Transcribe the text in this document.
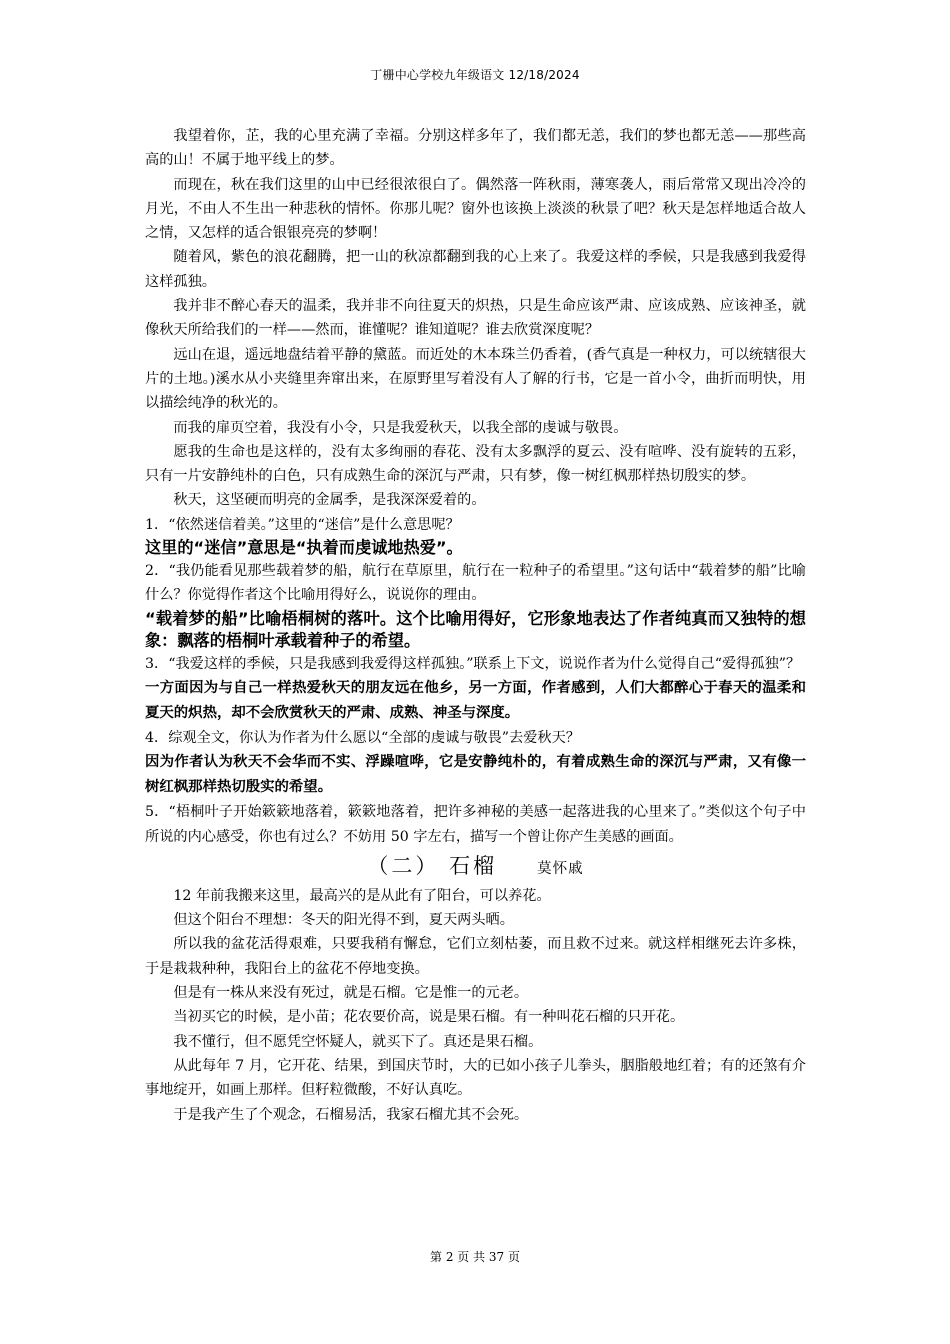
丁栅中心学校九年级语文 12/18/2024

我望着你，芷，我的心里充满了幸福。分别这样多年了，我们都无恙，我们的梦也都无恙——那些高高的山！不属于地平线上的梦。

而现在，秋在我们这里的山中已经很浓很白了。偶然落一阵秋雨，薄寒袭人，雨后常常又现出冷冷的月光，不由人不生出一种悲秋的情怀。你那儿呢？窗外也该换上淡淡的秋景了吧？秋天是怎样地适合故人之情，又怎样的适合银银亮亮的梦啊！

随着风，紫色的浪花翻腾，把一山的秋凉都翻到我的心上来了。我爱这样的季候，只是我感到我爱得这样孤独。

我并非不醉心春天的温柔，我并非不向往夏天的炽热，只是生命应该严肃、应该成熟、应该神圣，就像秋天所给我们的一样——然而，谁懂呢？谁知道呢？谁去欣赏深度呢？

远山在退，遥远地盘结着平静的黛蓝。而近处的木本珠兰仍香着，(香气真是一种权力，可以统辖很大片的土地。)溪水从小夹缝里奔窜出来，在原野里写着没有人了解的行书，它是一首小令，曲折而明快，用以描绘纯净的秋光的。

而我的扉页空着，我没有小令，只是我爱秋天，以我全部的虔诚与敬畏。

愿我的生命也是这样的，没有太多绚丽的春花、没有太多飘浮的夏云、没有喧哗、没有旋转的五彩，只有一片安静纯朴的白色，只有成熟生命的深沉与严肃，只有梦，像一树红枫那样热切殷实的梦。

秋天，这坚硬而明亮的金属季，是我深深爱着的。

1．“依然迷信着美。”这里的“迷信”是什么意思呢？

这里的“迷信”意思是“执着而虔诚地热爱”。

2．“我仍能看见那些载着梦的船，航行在草原里，航行在一粒种子的希望里。”这句话中“载着梦的船”比喻什么？你觉得作者这个比喻用得好么，说说你的理由。

“载着梦的船”比喻梧桐树的落叶。这个比喻用得好，它形象地表达了作者纯真而又独特的想象：飘落的梧桐叶承载着种子的希望。

3．“我爱这样的季候，只是我感到我爱得这样孤独。”联系上下文，说说作者为什么觉得自己“爱得孤独”？

一方面因为与自己一样热爱秋天的朋友远在他乡，另一方面，作者感到，人们大都醉心于春天的温柔和夏天的炽热，却不会欣赏秋天的严肃、成熟、神圣与深度。

4．综观全文，你认为作者为什么愿以“全部的虔诚与敬畏”去爱秋天？

因为作者认为秋天不会华而不实、浮躁喧哗，它是安静纯朴的，有着成熟生命的深沉与严肃，又有像一树红枫那样热切殷实的希望。

5．“梧桐叶子开始簌簌地落着，簌簌地落着，把许多神秘的美感一起落进我的心里来了。”类似这个句子中所说的内心感受，你也有过么？不妨用 50 字左右，描写一个曾让你产生美感的画面。

（二） 石榴	莫怀戚

12 年前我搬来这里，最高兴的是从此有了阳台，可以养花。

但这个阳台不理想：冬天的阳光得不到，夏天两头晒。

所以我的盆花活得艰难，只要我稍有懈怠，它们立刻枯萎，而且救不过来。就这样相继死去许多株，于是栽栽种种，我阳台上的盆花不停地变换。

但是有一株从来没有死过，就是石榴。它是惟一的元老。

当初买它的时候，是小苗；花农要价高，说是果石榴。有一种叫花石榴的只开花。

我不懂行，但不愿凭空怀疑人，就买下了。真还是果石榴。

从此每年 7 月，它开花、结果，到国庆节时，大的已如小孩子儿拳头，胭脂般地红着；有的还煞有介事地绽开，如画上那样。但籽粒微酸，不好认真吃。

于是我产生了个观念，石榴易活，我家石榴尤其不会死。

第 2 页 共 37 页
